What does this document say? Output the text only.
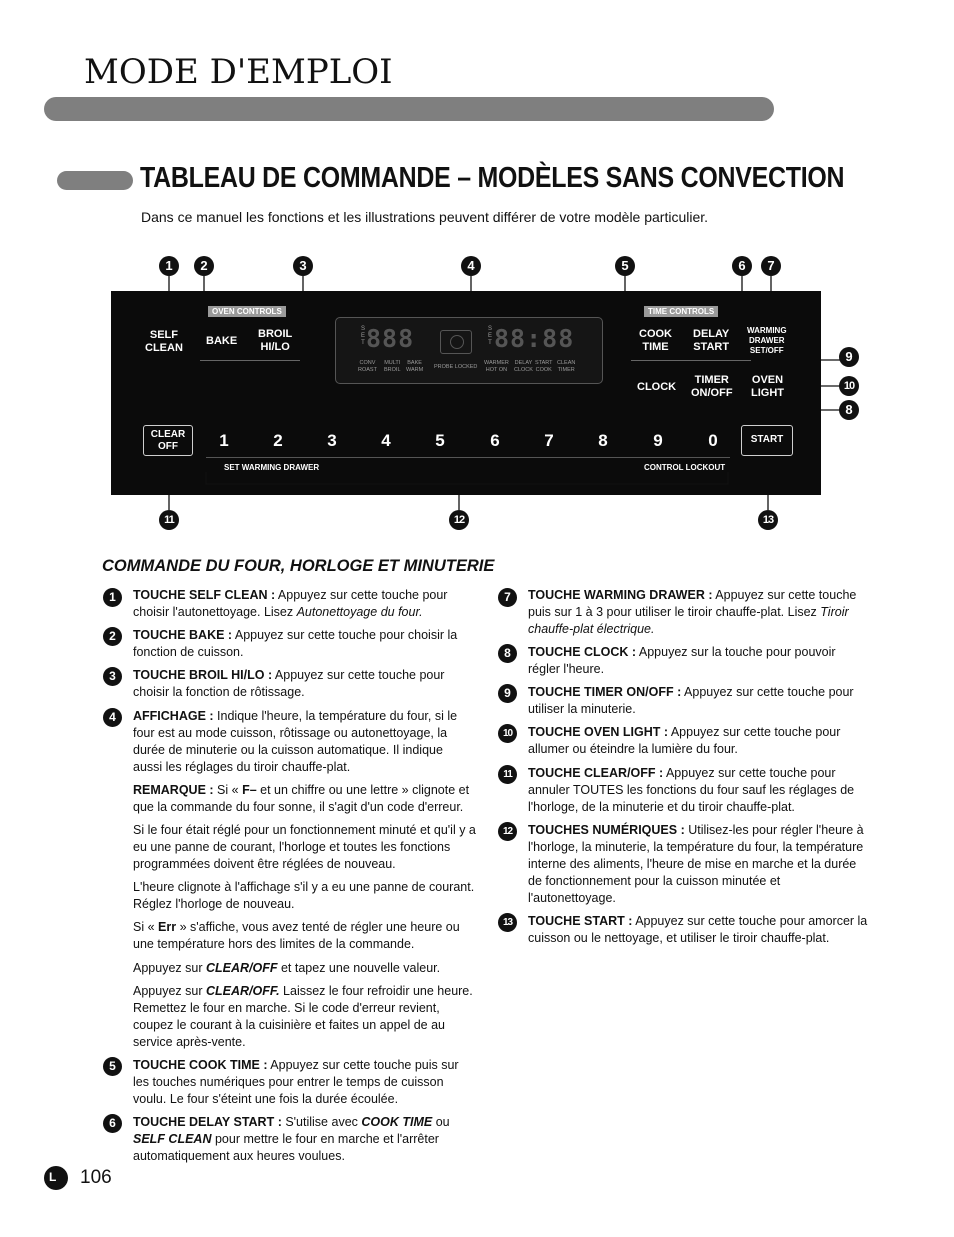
MODE D'EMPLOI
TABLEAU DE COMMANDE – MODÈLES SANS CONVECTION
Dans ce manuel les fonctions et les illustrations peuvent différer de votre modèle particulier.
1	2	3	4	5	6	7
9
10
8
11	12	13
OVEN CONTROLS	TIME CONTROLS
SELF
CLEAN
BAKE
BROIL
HI/LO
S
E
T 888	S
E
T 88:88
CONV
ROAST
MULTI
BROIL
BAKE
WARM PROBE LOCKED
WARMER
HOT ON
DELAY
CLOCK
START
COOK
CLEAN
TIMER
COOK
TIME
DELAY
START
WARMING
DRAWER
SET/OFF
CLOCK
TIMER
ON/OFF
OVEN
LIGHT
CLEAR
OFF	1	2	3	4	5	6	7	8	9	0
SET WARMING DRAWER	CONTROL LOCKOUT
START
COMMANDE DU FOUR, HORLOGE ET MINUTERIE
1	TOUCHE SELF CLEAN : Appuyez sur cette touche pour choisir l'autonettoyage. Lisez Autonettoyage du four.
2	TOUCHE BAKE : Appuyez sur cette touche pour choisir la fonction de cuisson.
3	TOUCHE BROIL HI/LO : Appuyez sur cette touche pour choisir la fonction de rôtissage.
4	AFFICHAGE : Indique l'heure, la température du four, si le four est au mode cuisson, rôtissage ou autonettoyage, la durée de minuterie ou la cuisson automatique. Il indique aussi les réglages du tiroir chauffe-plat.
REMARQUE : Si « F– et un chiffre ou une lettre » clignote et que la commande du four sonne, il s'agit d'un code d'erreur.
Si le four était réglé pour un fonctionnement minuté et qu'il y a eu une panne de courant, l'horloge et toutes les fonctions programmées doivent être réglées de nouveau.
L'heure clignote à l'affichage s'il y a eu une panne de courant. Réglez l'horloge de nouveau.
Si « Err » s'affiche, vous avez tenté de régler une heure ou une température hors des limites de la commande.
Appuyez sur CLEAR/OFF et tapez une nouvelle valeur.
Appuyez sur CLEAR/OFF. Laissez le four refroidir une heure. Remettez le four en marche. Si le code d'erreur revient, coupez le courant à la cuisinière et faites un appel de au service après-vente.
5	TOUCHE COOK TIME : Appuyez sur cette touche puis sur les touches numériques pour entrer le temps de cuisson voulu. Le four s'éteint une fois la durée écoulée.
6	TOUCHE DELAY START : S'utilise avec COOK TIME ou SELF CLEAN pour mettre le four en marche et l'arrêter automatiquement aux heures voulues.
7	TOUCHE WARMING DRAWER : Appuyez sur cette touche puis sur 1 à 3 pour utiliser le tiroir chauffe-plat. Lisez Tiroir chauffe-plat électrique.
8	TOUCHE CLOCK : Appuyez sur la touche pour pouvoir régler l'heure.
9	TOUCHE TIMER ON/OFF : Appuyez sur cette touche pour utiliser la minuterie.
10	TOUCHE OVEN LIGHT : Appuyez sur cette touche pour allumer ou éteindre la lumière du four.
11	TOUCHE CLEAR/OFF : Appuyez sur cette touche pour annuler TOUTES les fonctions du four sauf les réglages de l'horloge, de la minuterie et du tiroir chauffe-plat.
12	TOUCHES NUMÉRIQUES : Utilisez-les pour régler l'heure à l'horloge, la minuterie, la température du four, la température interne des aliments, l'heure de mise en marche et la durée de fonctionnement pour la cuisson minutée et l'autonettoyage.
13	TOUCHE START : Appuyez sur cette touche pour amorcer la cuisson ou le nettoyage, et utiliser le tiroir chauffe-plat.
L 106
